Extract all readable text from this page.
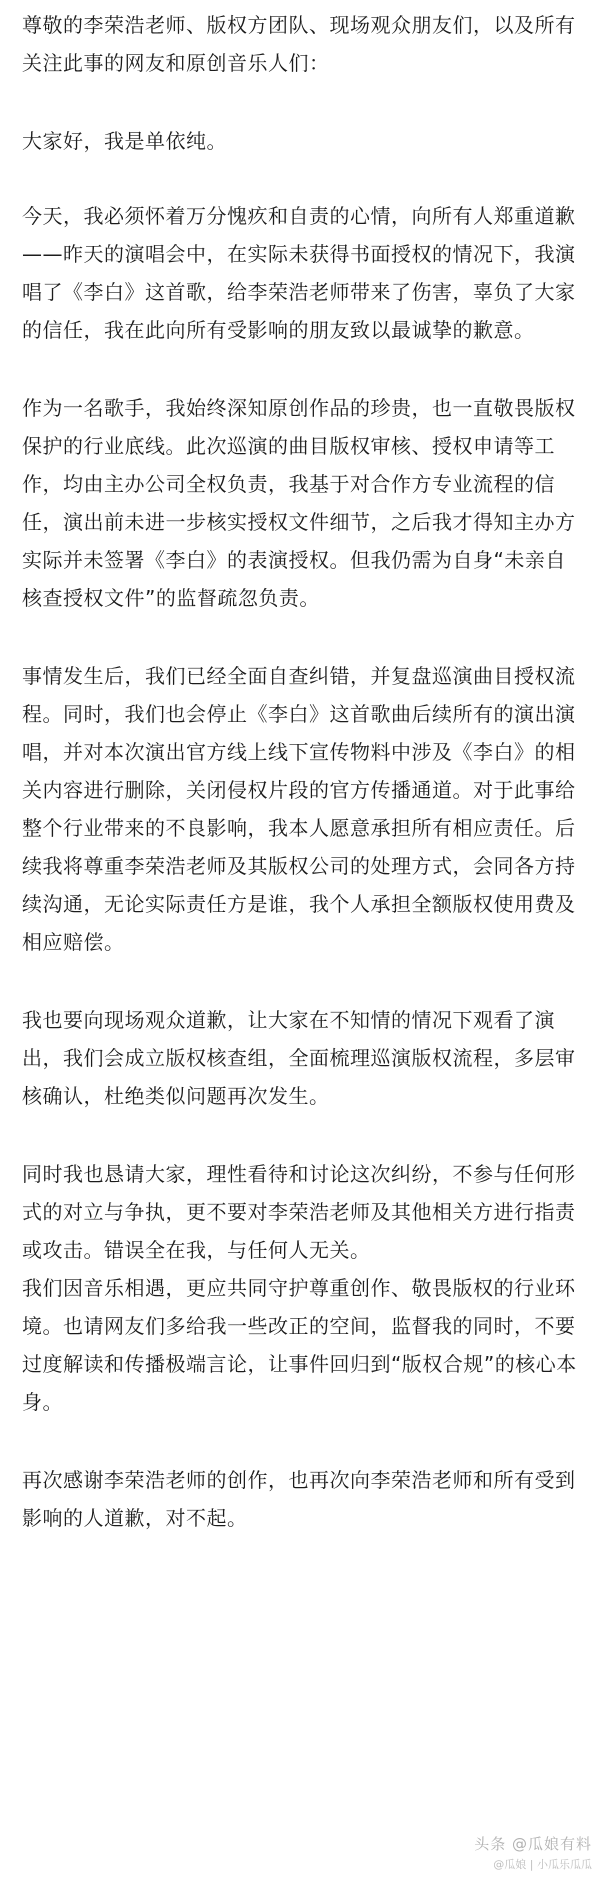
尊敬的李荣浩老师、版权方团队、现场观众朋友们，以及所有关注此事的网友和原创音乐人们：

大家好，我是单依纯。

今天，我必须怀着万分愧疚和自责的心情，向所有人郑重道歉——昨天的演唱会中，在实际未获得书面授权的情况下，我演唱了《李白》这首歌，给李荣浩老师带来了伤害，辜负了大家的信任，我在此向所有受影响的朋友致以最诚挚的歉意。

作为一名歌手，我始终深知原创作品的珍贵，也一直敬畏版权保护的行业底线。此次巡演的曲目版权审核、授权申请等工作，均由主办公司全权负责，我基于对合作方专业流程的信任，演出前未进一步核实授权文件细节，之后我才得知主办方实际并未签署《李白》的表演授权。但我仍需为自身“未亲自核查授权文件”的监督疏忽负责。

事情发生后，我们已经全面自查纠错，并复盘巡演曲目授权流程。同时，我们也会停止《李白》这首歌曲后续所有的演出演唱，并对本次演出官方线上线下宣传物料中涉及《李白》的相关内容进行删除，关闭侵权片段的官方传播通道。对于此事给整个行业带来的不良影响，我本人愿意承担所有相应责任。后续我将尊重李荣浩老师及其版权公司的处理方式，会同各方持续沟通，无论实际责任方是谁，我个人承担全额版权使用费及相应赔偿。

我也要向现场观众道歉，让大家在不知情的情况下观看了演出，我们会成立版权核查组，全面梳理巡演版权流程，多层审核确认，杜绝类似问题再次发生。

同时我也恳请大家，理性看待和讨论这次纠纷，不参与任何形式的对立与争执，更不要对李荣浩老师及其他相关方进行指责或攻击。错误全在我，与任何人无关。

我们因音乐相遇，更应共同守护尊重创作、敬畏版权的行业环境。也请网友们多给我一些改正的空间，监督我的同时，不要过度解读和传播极端言论，让事件回归到“版权合规”的核心本身。

再次感谢李荣浩老师的创作，也再次向李荣浩老师和所有受到影响的人道歉，对不起。

头条 @瓜娘有料
@瓜娘 | 小瓜乐瓜瓜
